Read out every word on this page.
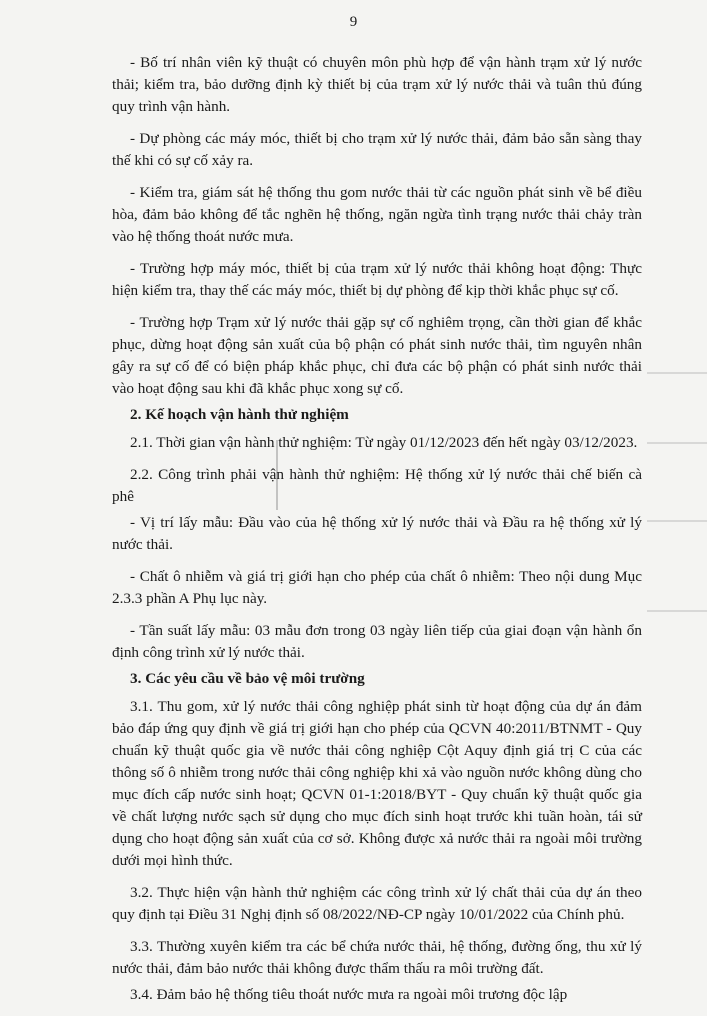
9

- Bố trí nhân viên kỹ thuật có chuyên môn phù hợp để vận hành trạm xử lý nước thải; kiểm tra, bảo dưỡng định kỳ thiết bị của trạm xử lý nước thải và tuân thủ đúng quy trình vận hành.

- Dự phòng các máy móc, thiết bị cho trạm xử lý nước thải, đảm bảo sẵn sàng thay thế khi có sự cố xảy ra.

- Kiểm tra, giám sát hệ thống thu gom nước thải từ các nguồn phát sinh về bể điều hòa, đảm bảo không để tắc nghẽn hệ thống, ngăn ngừa tình trạng nước thải chảy tràn vào hệ thống thoát nước mưa.

- Trường hợp máy móc, thiết bị của trạm xử lý nước thải không hoạt động: Thực hiện kiểm tra, thay thế các máy móc, thiết bị dự phòng để kịp thời khắc phục sự cố.

- Trường hợp Trạm xử lý nước thải gặp sự cố nghiêm trọng, cần thời gian để khắc phục, dừng hoạt động sản xuất của bộ phận có phát sinh nước thải, tìm nguyên nhân gây ra sự cố để có biện pháp khắc phục, chỉ đưa các bộ phận có phát sinh nước thải vào hoạt động sau khi đã khắc phục xong sự cố.

2. Kế hoạch vận hành thử nghiệm

2.1. Thời gian vận hành thử nghiệm: Từ ngày 01/12/2023 đến hết ngày 03/12/2023.

2.2. Công trình phải vận hành thử nghiệm: Hệ thống xử lý nước thải chế biến cà phê

- Vị trí lấy mẫu: Đầu vào của hệ thống xử lý nước thải và Đầu ra hệ thống xử lý nước thải.

- Chất ô nhiễm và giá trị giới hạn cho phép của chất ô nhiễm: Theo nội dung Mục 2.3.3 phần A Phụ lục này.

- Tần suất lấy mẫu: 03 mẫu đơn trong 03 ngày liên tiếp của giai đoạn vận hành ổn định công trình xử lý nước thải.

3. Các yêu cầu về bảo vệ môi trường

3.1. Thu gom, xử lý nước thải công nghiệp phát sinh từ hoạt động của dự án đảm bảo đáp ứng quy định về giá trị giới hạn cho phép của QCVN 40:2011/BTNMT - Quy chuẩn kỹ thuật quốc gia về nước thải công nghiệp Cột Aquy định giá trị C của các thông số ô nhiễm trong nước thải công nghiệp khi xả vào nguồn nước không dùng cho mục đích cấp nước sinh hoạt; QCVN 01-1:2018/BYT - Quy chuẩn kỹ thuật quốc gia về chất lượng nước sạch sử dụng cho mục đích sinh hoạt trước khi tuần hoàn, tái sử dụng cho hoạt động sản xuất của cơ sở. Không được xả nước thải ra ngoài môi trường dưới mọi hình thức.

3.2. Thực hiện vận hành thử nghiệm các công trình xử lý chất thải của dự án theo quy định tại Điều 31 Nghị định số 08/2022/NĐ-CP ngày 10/01/2022 của Chính phủ.

3.3. Thường xuyên kiểm tra các bể chứa nước thải, hệ thống, đường ống, thu xử lý nước thải, đảm bảo nước thải không được thẩm thấu ra môi trường đất.

3.4. Đảm bảo hệ thống tiêu thoát nước mưa ra ngoài môi trương độc lập
